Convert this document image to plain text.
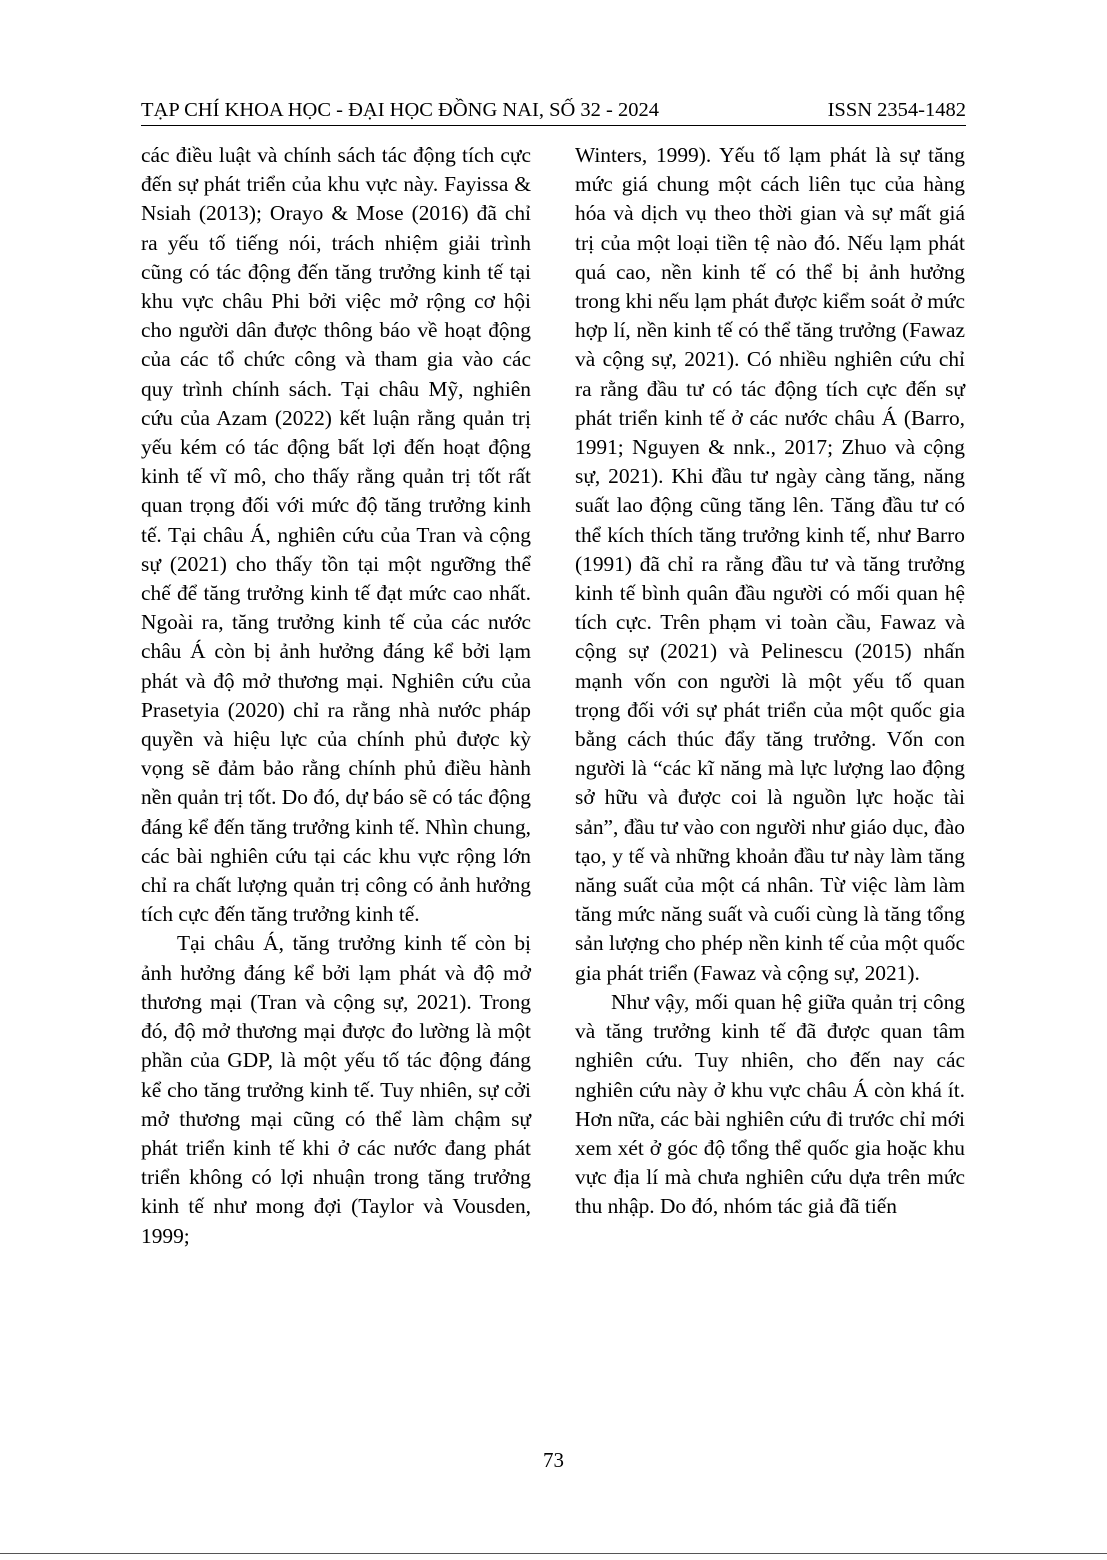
TẠP CHÍ KHOA HỌC - ĐẠI HỌC ĐỒNG NAI, SỐ 32 - 2024	ISSN 2354-1482

các điều luật và chính sách tác động tích cực đến sự phát triển của khu vực này. Fayissa & Nsiah (2013); Orayo & Mose (2016) đã chỉ ra yếu tố tiếng nói, trách nhiệm giải trình cũng có tác động đến tăng trưởng kinh tế tại khu vực châu Phi bởi việc mở rộng cơ hội cho người dân được thông báo về hoạt động của các tổ chức công và tham gia vào các quy trình chính sách. Tại châu Mỹ, nghiên cứu của Azam (2022) kết luận rằng quản trị yếu kém có tác động bất lợi đến hoạt động kinh tế vĩ mô, cho thấy rằng quản trị tốt rất quan trọng đối với mức độ tăng trưởng kinh tế. Tại châu Á, nghiên cứu của Tran và cộng sự (2021) cho thấy tồn tại một ngưỡng thể chế để tăng trưởng kinh tế đạt mức cao nhất. Ngoài ra, tăng trưởng kinh tế của các nước châu Á còn bị ảnh hưởng đáng kể bởi lạm phát và độ mở thương mại. Nghiên cứu của Prasetyia (2020) chỉ ra rằng nhà nước pháp quyền và hiệu lực của chính phủ được kỳ vọng sẽ đảm bảo rằng chính phủ điều hành nền quản trị tốt. Do đó, dự báo sẽ có tác động đáng kể đến tăng trưởng kinh tế. Nhìn chung, các bài nghiên cứu tại các khu vực rộng lớn chỉ ra chất lượng quản trị công có ảnh hưởng tích cực đến tăng trưởng kinh tế.

Tại châu Á, tăng trưởng kinh tế còn bị ảnh hưởng đáng kể bởi lạm phát và độ mở thương mại (Tran và cộng sự, 2021). Trong đó, độ mở thương mại được đo lường là một phần của GDP, là một yếu tố tác động đáng kể cho tăng trưởng kinh tế. Tuy nhiên, sự cởi mở thương mại cũng có thể làm chậm sự phát triển kinh tế khi ở các nước đang phát triển không có lợi nhuận trong tăng trưởng kinh tế như mong đợi (Taylor và Vousden, 1999;

Winters, 1999). Yếu tố lạm phát là sự tăng mức giá chung một cách liên tục của hàng hóa và dịch vụ theo thời gian và sự mất giá trị của một loại tiền tệ nào đó. Nếu lạm phát quá cao, nền kinh tế có thể bị ảnh hưởng trong khi nếu lạm phát được kiểm soát ở mức hợp lí, nền kinh tế có thể tăng trưởng (Fawaz và cộng sự, 2021). Có nhiều nghiên cứu chỉ ra rằng đầu tư có tác động tích cực đến sự phát triển kinh tế ở các nước châu Á (Barro, 1991; Nguyen & nnk., 2017; Zhuo và cộng sự, 2021). Khi đầu tư ngày càng tăng, năng suất lao động cũng tăng lên. Tăng đầu tư có thể kích thích tăng trưởng kinh tế, như Barro (1991) đã chỉ ra rằng đầu tư và tăng trưởng kinh tế bình quân đầu người có mối quan hệ tích cực. Trên phạm vi toàn cầu, Fawaz và cộng sự (2021) và Pelinescu (2015) nhấn mạnh vốn con người là một yếu tố quan trọng đối với sự phát triển của một quốc gia bằng cách thúc đẩy tăng trưởng. Vốn con người là “các kĩ năng mà lực lượng lao động sở hữu và được coi là nguồn lực hoặc tài sản”, đầu tư vào con người như giáo dục, đào tạo, y tế và những khoản đầu tư này làm tăng năng suất của một cá nhân. Từ việc làm làm tăng mức năng suất và cuối cùng là tăng tổng sản lượng cho phép nền kinh tế của một quốc gia phát triển (Fawaz và cộng sự, 2021).

Như vậy, mối quan hệ giữa quản trị công và tăng trưởng kinh tế đã được quan tâm nghiên cứu. Tuy nhiên, cho đến nay các nghiên cứu này ở khu vực châu Á còn khá ít. Hơn nữa, các bài nghiên cứu đi trước chỉ mới xem xét ở góc độ tổng thể quốc gia hoặc khu vực địa lí mà chưa nghiên cứu dựa trên mức thu nhập. Do đó, nhóm tác giả đã tiến

73
